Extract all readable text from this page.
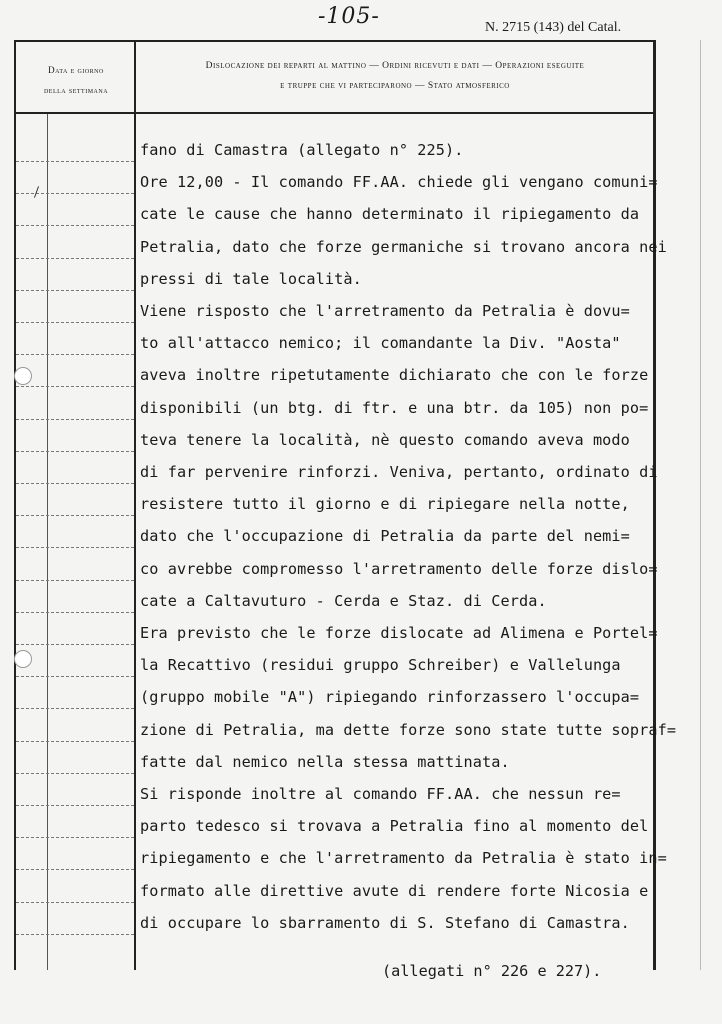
-105-	N. 2715 (143) del Catal.
Data e giorno
della settimana
Dislocazione dei reparti al mattino — Ordini ricevuti e dati — Operazioni eseguite
e truppe che vi parteciparono — Stato atmosferico
fano di Camastra (allegato n° 225).
Ore 12,00 - Il comando FF.AA. chiede gli vengano comuni=
cate le cause che hanno determinato il ripiegamento da
Petralia, dato che forze germaniche si trovano ancora nei
pressi di tale località.
Viene risposto che l'arretramento da Petralia è dovu=
to all'attacco nemico; il comandante la Div. "Aosta"
aveva inoltre ripetutamente dichiarato che con le forze
disponibili (un btg. di ftr. e una btr. da 105) non po=
teva tenere la località, nè questo comando aveva modo
di far pervenire rinforzi. Veniva, pertanto, ordinato di
resistere tutto il giorno e di ripiegare nella notte,
dato che l'occupazione di Petralia da parte del nemi=
co avrebbe compromesso l'arretramento delle forze dislo=
cate a Caltavuturo - Cerda e Staz. di Cerda.
Era previsto che le forze dislocate ad Alimena e Portel=
la Recattivo (residui gruppo Schreiber) e Vallelunga
(gruppo mobile "A") ripiegando rinforzassero l'occupa=
zione di Petralia, ma dette forze sono state tutte sopraf=
fatte dal nemico nella stessa mattinata.
Si risponde inoltre al comando FF.AA. che nessun re=
parto tedesco si trovava a Petralia fino al momento del
ripiegamento e che l'arretramento da Petralia è stato in=
formato alle direttive avute di rendere forte Nicosia e
di occupare lo sbarramento di S. Stefano di Camastra.
(allegati n° 226 e 227).
